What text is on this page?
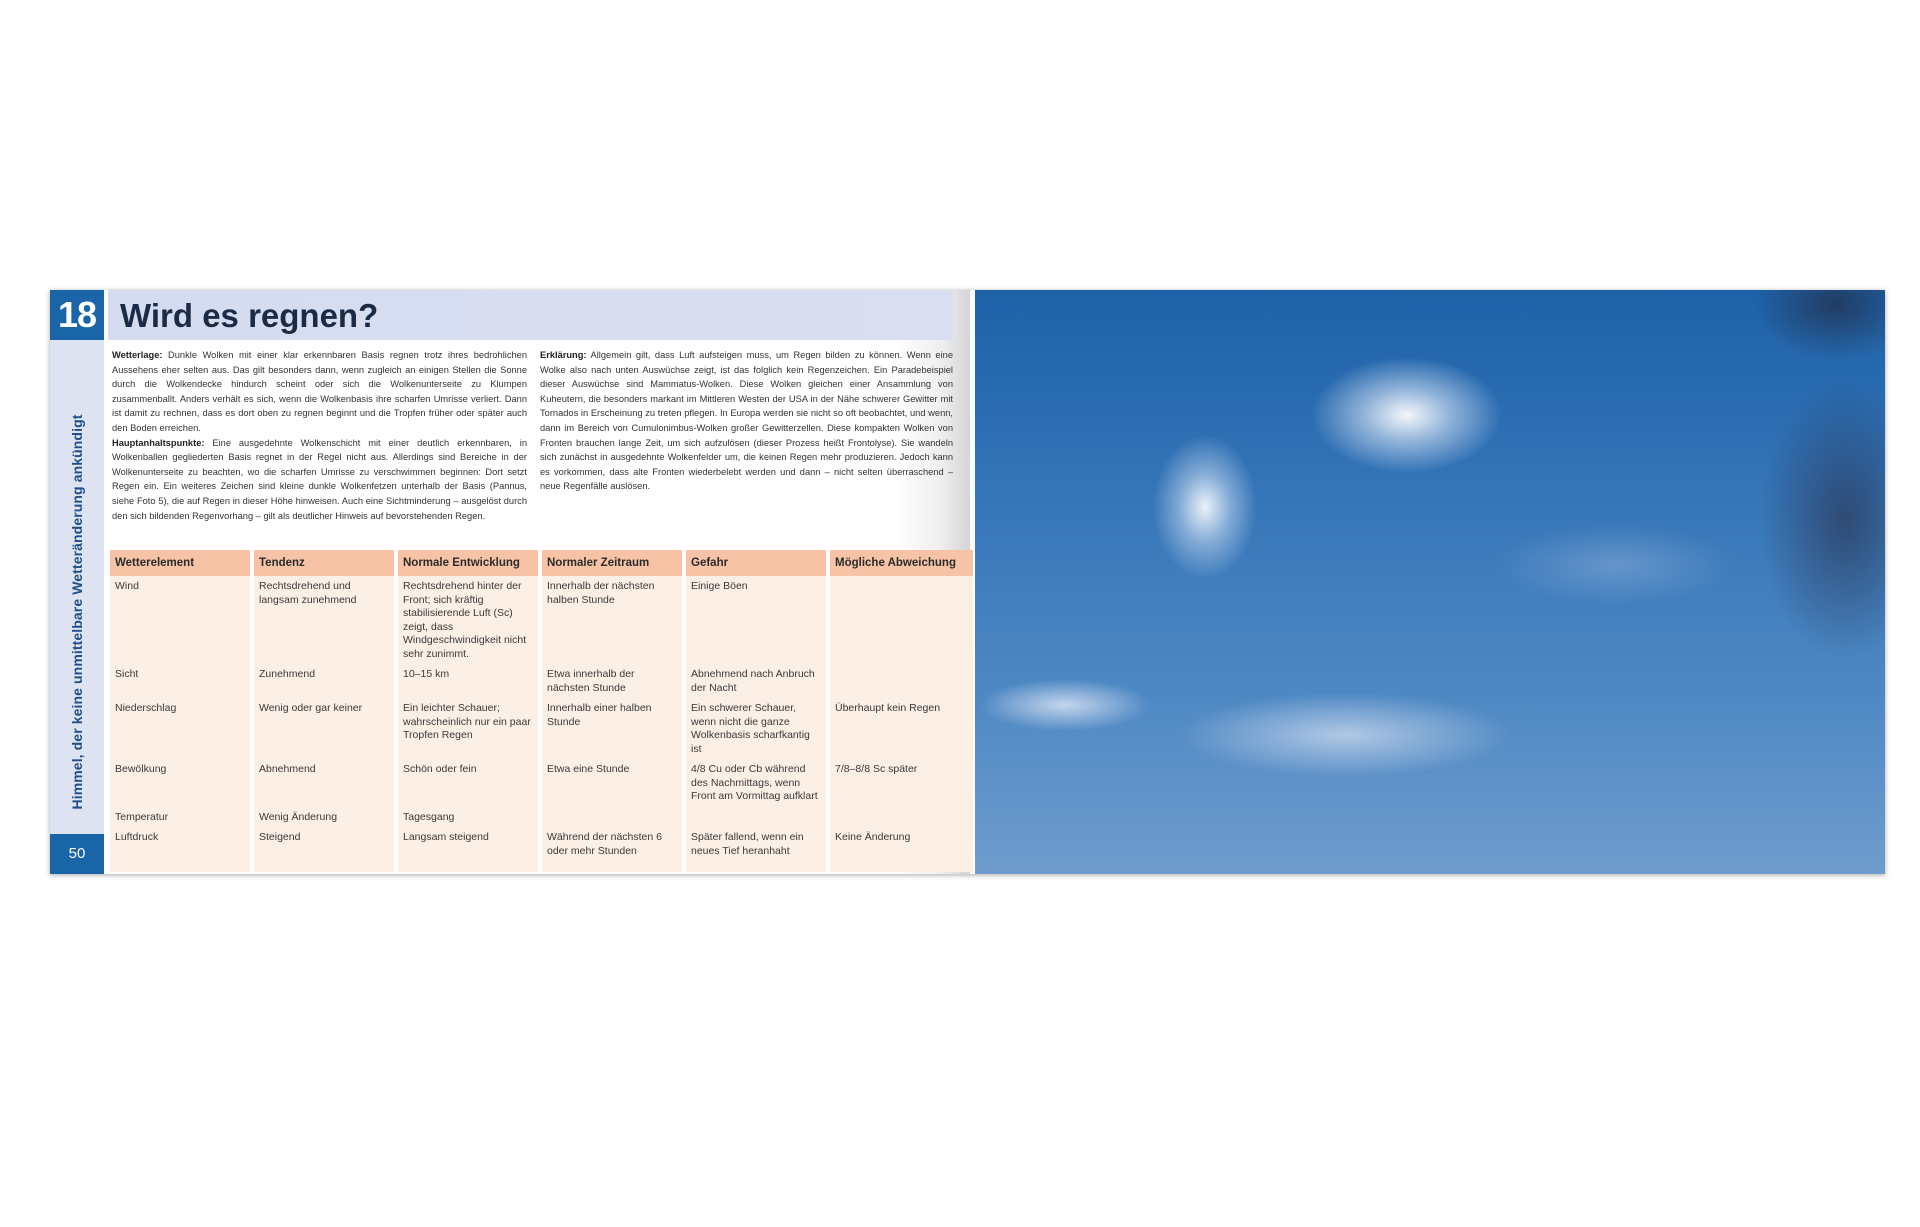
18
Himmel, der keine unmittelbare Wetteränderung ankündigt
50
Wird es regnen?

Wetterlage: Dunkle Wolken mit einer klar erkennbaren Basis regnen trotz ihres bedrohlichen Aussehens eher selten aus. Das gilt besonders dann, wenn zugleich an einigen Stellen die Sonne durch die Wolkendecke hindurch scheint oder sich die Wolkenunterseite zu Klumpen zusammenballt. Anders verhält es sich, wenn die Wolkenbasis ihre scharfen Umrisse verliert. Dann ist damit zu rechnen, dass es dort oben zu regnen beginnt und die Tropfen früher oder später auch den Boden erreichen.

Hauptanhaltspunkte: Eine ausgedehnte Wolkenschicht mit einer deutlich erkennbaren, in Wolkenballen gegliederten Basis regnet in der Regel nicht aus. Allerdings sind Bereiche in der Wolkenunterseite zu beachten, wo die scharfen Umrisse zu verschwimmen beginnen: Dort setzt Regen ein. Ein weiteres Zeichen sind kleine dunkle Wolkenfetzen unterhalb der Basis (Pannus, siehe Foto 5), die auf Regen in dieser Höhe hinweisen. Auch eine Sichtminderung – ausgelöst durch den sich bildenden Regenvorhang – gilt als deutlicher Hinweis auf bevorstehenden Regen.

Erklärung: Allgemein gilt, dass Luft aufsteigen muss, um Regen bilden zu können. Wenn eine Wolke also nach unten Auswüchse zeigt, ist das folglich kein Regenzeichen. Ein Paradebeispiel dieser Auswüchse sind Mammatus-Wolken. Diese Wolken gleichen einer Ansammlung von Kuheutern, die besonders markant im Mittleren Westen der USA in der Nähe schwerer Gewitter mit Tornados in Erscheinung zu treten pflegen. In Europa werden sie nicht so oft beobachtet, und wenn, dann im Bereich von Cumulonimbus-Wolken großer Gewitterzellen. Diese kompakten Wolken von Fronten brauchen lange Zeit, um sich aufzulösen (dieser Prozess heißt Frontolyse). Sie wandeln sich zunächst in ausgedehnte Wolkenfelder um, die keinen Regen mehr produzieren. Jedoch kann es vorkommen, dass alte Fronten wiederbelebt werden und dann – nicht selten überraschend – neue Regenfälle auslösen.

Wetterelement	Tendenz	Normale Entwicklung	Normaler Zeitraum	Gefahr	Mögliche Abweichung
Wind	Rechtsdrehend und langsam zunehmend	Rechtsdrehend hinter der Front; sich kräftig stabilisierende Luft (Sc) zeigt, dass Windgeschwindigkeit nicht sehr zunimmt.	Innerhalb der nächsten halben Stunde	Einige Böen	
Sicht	Zunehmend	10–15 km	Etwa innerhalb der nächsten Stunde	Abnehmend nach Anbruch der Nacht	
Niederschlag	Wenig oder gar keiner	Ein leichter Schauer; wahrscheinlich nur ein paar Tropfen Regen	Innerhalb einer halben Stunde	Ein schwerer Schauer, wenn nicht die ganze Wolkenbasis scharfkantig ist	Überhaupt kein Regen
Bewölkung	Abnehmend	Schön oder fein	Etwa eine Stunde	4/8 Cu oder Cb während des Nachmittags, wenn Front am Vormittag aufklart	7/8–8/8 Sc später
Temperatur	Wenig Änderung	Tagesgang			
Luftdruck	Steigend	Langsam steigend	Während der nächsten 6 oder mehr Stunden	Später fallend, wenn ein neues Tief heranhaht	Keine Änderung
